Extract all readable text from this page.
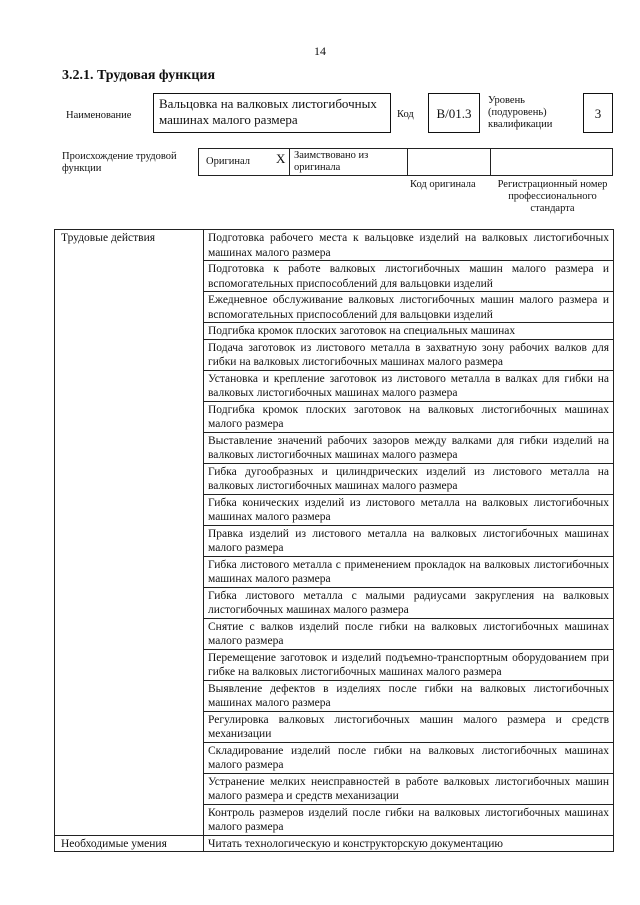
14
3.2.1. Трудовая функция
Наименование
Вальцовка на валковых листогибочных машинах малого размера	Код	В/01.3
Уровень (подуровень) квалификации
3
Происхождение трудовой функции
Оригинал X Заимствовано из оригинала
Код оригинала	Регистрационный номер профессионального стандарта
Трудовые действия	Подготовка рабочего места к вальцовке изделий на валковых листогибочных машинах малого размера
	Подготовка к работе валковых листогибочных машин малого размера и вспомогательных приспособлений для вальцовки изделий
	Ежедневное обслуживание валковых листогибочных машин малого размера и вспомогательных приспособлений для вальцовки изделий
	Подгибка кромок плоских заготовок на специальных машинах
	Подача заготовок из листового металла в захватную зону рабочих валков для гибки на валковых листогибочных машинах малого размера
	Установка и крепление заготовок из листового металла в валках для гибки на валковых листогибочных машинах малого размера
	Подгибка кромок плоских заготовок на валковых листогибочных машинах малого размера
	Выставление значений рабочих зазоров между валками для гибки изделий на валковых листогибочных машинах малого размера
	Гибка дугообразных и цилиндрических изделий из листового металла на валковых листогибочных машинах малого размера
	Гибка конических изделий из листового металла на валковых листогибочных машинах малого размера
	Правка изделий из листового металла на валковых листогибочных машинах малого размера
	Гибка листового металла с применением прокладок на валковых листогибочных машинах малого размера
	Гибка листового металла с малыми радиусами закругления на валковых листогибочных машинах малого размера
	Снятие с валков изделий после гибки на валковых листогибочных машинах малого размера
	Перемещение заготовок и изделий подъемно-транспортным оборудованием при гибке на валковых листогибочных машинах малого размера
	Выявление дефектов в изделиях после гибки на валковых листогибочных машинах малого размера
	Регулировка валковых листогибочных машин малого размера и средств механизации
	Складирование изделий после гибки на валковых листогибочных машинах малого размера
	Устранение мелких неисправностей в работе валковых листогибочных машин малого размера и средств механизации
	Контроль размеров изделий после гибки на валковых листогибочных машинах малого размера
Необходимые умения	Читать технологическую и конструкторскую документацию
